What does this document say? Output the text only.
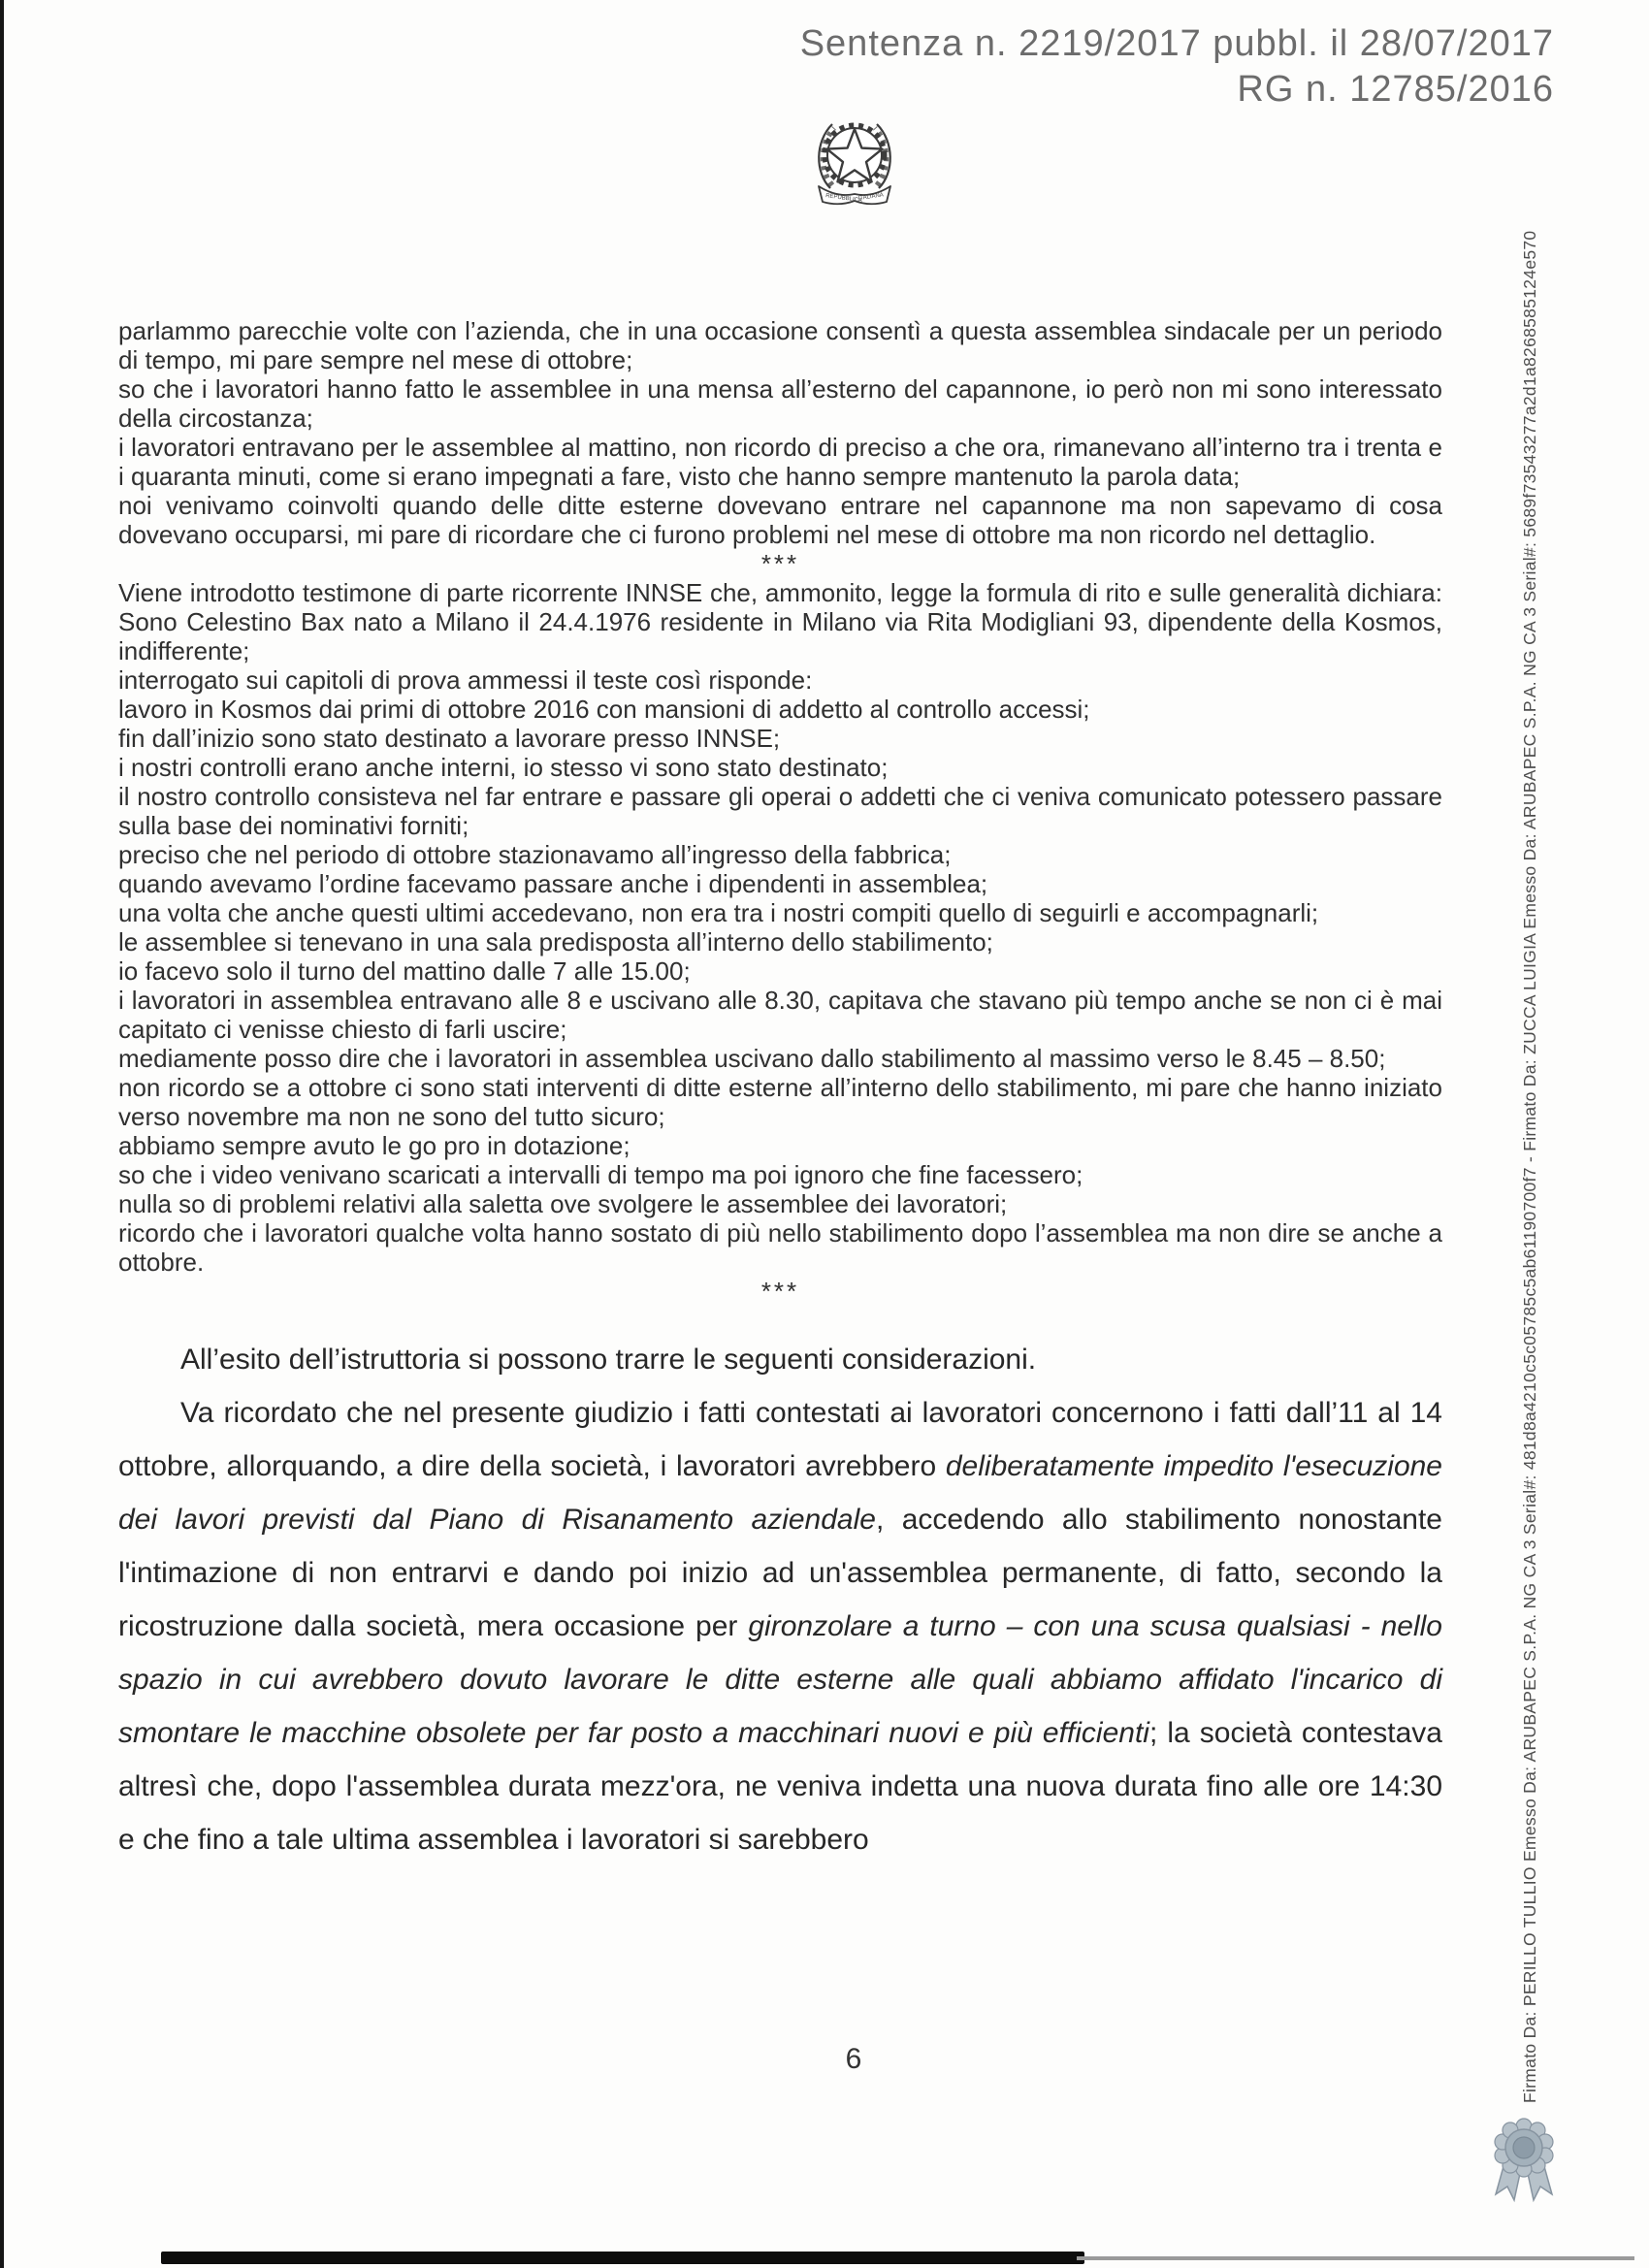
Sentenza n. 2219/2017 pubbl. il 28/07/2017
RG n. 12785/2016
REPUBBLICA
ITALIANA

parlammo parecchie volte con l’azienda, che in una occasione consentì a questa assemblea sindacale per un periodo di tempo, mi pare sempre nel mese di ottobre;

so che i lavoratori hanno fatto le assemblee in una mensa all’esterno del capannone, io però non mi sono interessato della circostanza;

i lavoratori entravano per le assemblee al mattino, non ricordo di preciso a che ora, rimanevano all’interno tra i trenta e i quaranta minuti, come si erano impegnati a fare, visto che hanno sempre mantenuto la parola data;

noi venivamo coinvolti quando delle ditte esterne dovevano entrare nel capannone ma non sapevamo di cosa dovevano occuparsi, mi pare di ricordare che ci furono problemi nel mese di ottobre ma non ricordo nel dettaglio.

***

Viene introdotto testimone di parte ricorrente INNSE che, ammonito, legge la formula di rito e sulle generalità dichiara: Sono Celestino Bax nato a Milano il 24.4.1976 residente in Milano via Rita Modigliani 93, dipendente della Kosmos, indifferente;

interrogato sui capitoli di prova ammessi il teste così risponde:

lavoro in Kosmos dai primi di ottobre 2016 con mansioni di addetto al controllo accessi;

fin dall’inizio sono stato destinato a lavorare presso INNSE;

i nostri controlli erano anche interni, io stesso vi sono stato destinato;

il nostro controllo consisteva nel far entrare e passare gli operai o addetti che ci veniva comunicato potessero passare sulla base dei nominativi forniti;

preciso che nel periodo di ottobre stazionavamo all’ingresso della fabbrica;

quando avevamo l’ordine facevamo passare anche i dipendenti in assemblea;

una volta che anche questi ultimi accedevano, non era tra i nostri compiti quello di seguirli e accompagnarli;

le assemblee si tenevano in una sala predisposta all’interno dello stabilimento;

io facevo solo il turno del mattino dalle 7 alle 15.00;

i lavoratori in assemblea entravano alle 8 e uscivano alle 8.30, capitava che stavano più tempo anche se non ci è mai capitato ci venisse chiesto di farli uscire;

mediamente posso dire che i lavoratori in assemblea uscivano dallo stabilimento al massimo verso le 8.45 – 8.50;

non ricordo se a ottobre ci sono stati interventi di ditte esterne all’interno dello stabilimento, mi pare che hanno iniziato verso novembre ma non ne sono del tutto sicuro;

abbiamo sempre avuto le go pro in dotazione;

so che i video venivano scaricati a intervalli di tempo ma poi ignoro che fine facessero;

nulla so di problemi relativi alla saletta ove svolgere le assemblee dei lavoratori;

ricordo che i lavoratori qualche volta hanno sostato di più nello stabilimento dopo l’assemblea ma non dire se anche a ottobre.

***

All’esito dell’istruttoria si possono trarre le seguenti considerazioni.

Va ricordato che nel presente giudizio i fatti contestati ai lavoratori concernono i fatti dall’11 al 14 ottobre, allorquando, a dire della società, i lavoratori avrebbero deliberatamente impedito l'esecuzione dei lavori previsti dal Piano di Risanamento aziendale, accedendo allo stabilimento nonostante l'intimazione di non entrarvi e dando poi inizio ad un'assemblea permanente, di fatto, secondo la ricostruzione dalla società, mera occasione per gironzolare a turno – con una scusa qualsiasi - nello spazio in cui avrebbero dovuto lavorare le ditte esterne alle quali abbiamo affidato l'incarico di smontare le macchine obsolete per far posto a macchinari nuovi e più efficienti; la società contestava altresì che, dopo l'assemblea durata mezz'ora, ne veniva indetta una nuova durata fino alle ore 14:30 e che fino a tale ultima assemblea i lavoratori si sarebbero

6	Firmato Da: PERILLO TULLIO Emesso Da: ARUBAPEC S.P.A. NG CA 3 Serial#: 481d8a4210c5c05785c5ab61190700f7 - Firmato Da: ZUCCA LUIGIA Emesso Da: ARUBAPEC S.P.A. NG CA 3 Serial#: 5689f73543277a2d1a8268585124e570
